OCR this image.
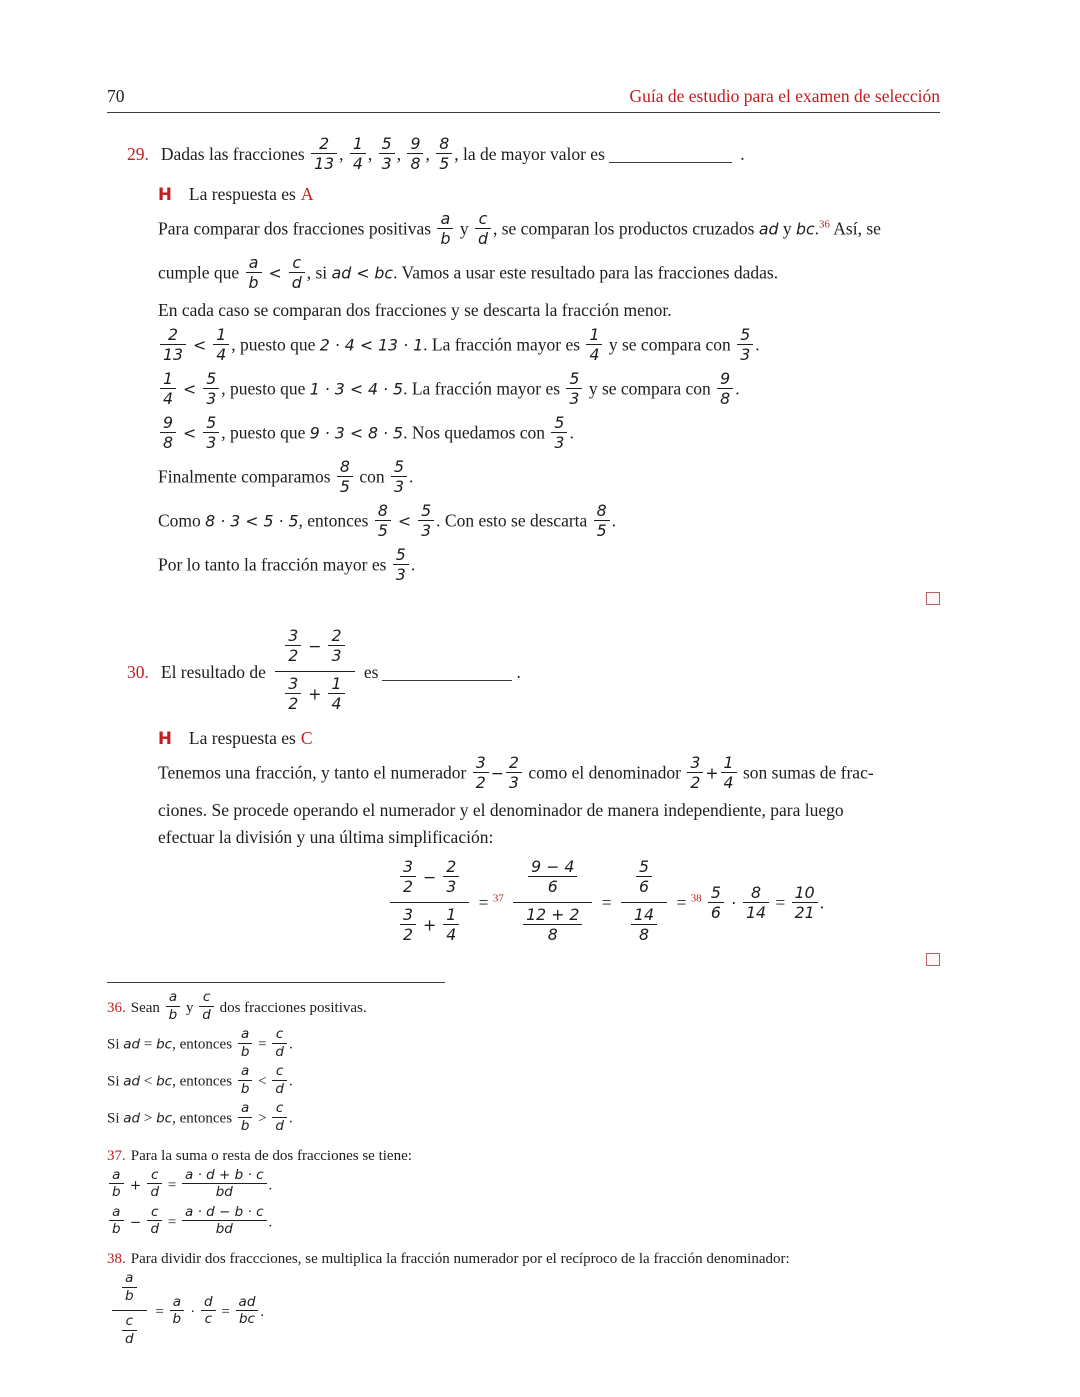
70	Guía de estudio para el examen de selección
29. Dadas las fracciones $\frac{2}{13}$ , $\frac{1}{4}$ , $\frac{5}{3}$ , $\frac{9}{8}$ , $\frac{8}{5}$ , la de mayor valor es	.
H La respuesta es A
Para comparar dos fracciones positivas $\frac{a}{b}$ y $\frac{c}{d}$ , se comparan los productos cruzados ad y bc.$^{36}$ Así, se
cumple que $\frac{a}{b} < \frac{c}{d}$ , si ad < bc. Vamos a usar este resultado para las fracciones dadas.
En cada caso se comparan dos fracciones y se descarta la fracción menor.
$\frac{2}{13} < \frac{1}{4}$ , puesto que 2 · 4 < 13 · 1. La fracción mayor es $\frac{1}{4}$ y se compara con $\frac{5}{3}$ .
$\frac{1}{4} < \frac{5}{3}$ , puesto que 1 · 3 < 4 · 5. La fracción mayor es $\frac{5}{3}$ y se compara con $\frac{9}{8}$ .
$\frac{9}{8} < \frac{5}{3}$ , puesto que 9 · 3 < 8 · 5. Nos quedamos con $\frac{5}{3}$ .
Finalmente comparamos $\frac{8}{5}$ con $\frac{5}{3}$ .
Como 8 · 3 < 5 · 5, entonces $\frac{8}{5} < \frac{5}{3}$ . Con esto se descarta $\frac{8}{5}$ .
Por lo tanto la fracción mayor es $\frac{5}{3}$ .
30. El resultado de $\frac{\frac{3}{2} - \frac{2}{3}}{\frac{3}{2} + \frac{1}{4}}$ es	.
H La respuesta es C
Tenemos una fracción, y tanto el numerador $\frac{3}{2} - \frac{2}{3}$ como el denominador $\frac{3}{2} + \frac{1}{4}$ son sumas de frac-
ciones. Se procede operando el numerador y el denominador de manera independiente, para luego
efectuar la división y una última simplificación:
$\frac{\frac{3}{2} - \frac{2}{3}}{\frac{3}{2} + \frac{1}{4}} = ^{37} \frac{\frac{9 - 4}{6}}{\frac{12 + 2}{8}} = \frac{\frac{5}{6}}{\frac{14}{8}} = ^{38} \frac{5}{6} \cdot \frac{8}{14} = \frac{10}{21}$ .
36. Sean $\frac{a}{b}$ y $\frac{c}{d}$ dos fracciones positivas.
Si ad = bc, entonces $\frac{a}{b} = \frac{c}{d}$ .
Si ad < bc, entonces $\frac{a}{b} < \frac{c}{d}$ .
Si ad > bc, entonces $\frac{a}{b} > \frac{c}{d}$ .
37. Para la suma o resta de dos fracciones se tiene:
$\frac{a}{b} + \frac{c}{d} = \frac{a \cdot d + b \cdot c}{bd}$ .
$\frac{a}{b} - \frac{c}{d} = \frac{a \cdot d - b \cdot c}{bd}$ .
38. Para dividir dos fraccciones, se multiplica la fracción numerador por el recíproco de la fracción denominador:
$\frac{\frac{a}{b}}{\frac{c}{d}} = \frac{a}{b} \cdot \frac{d}{c} = \frac{ad}{bc}$ .
